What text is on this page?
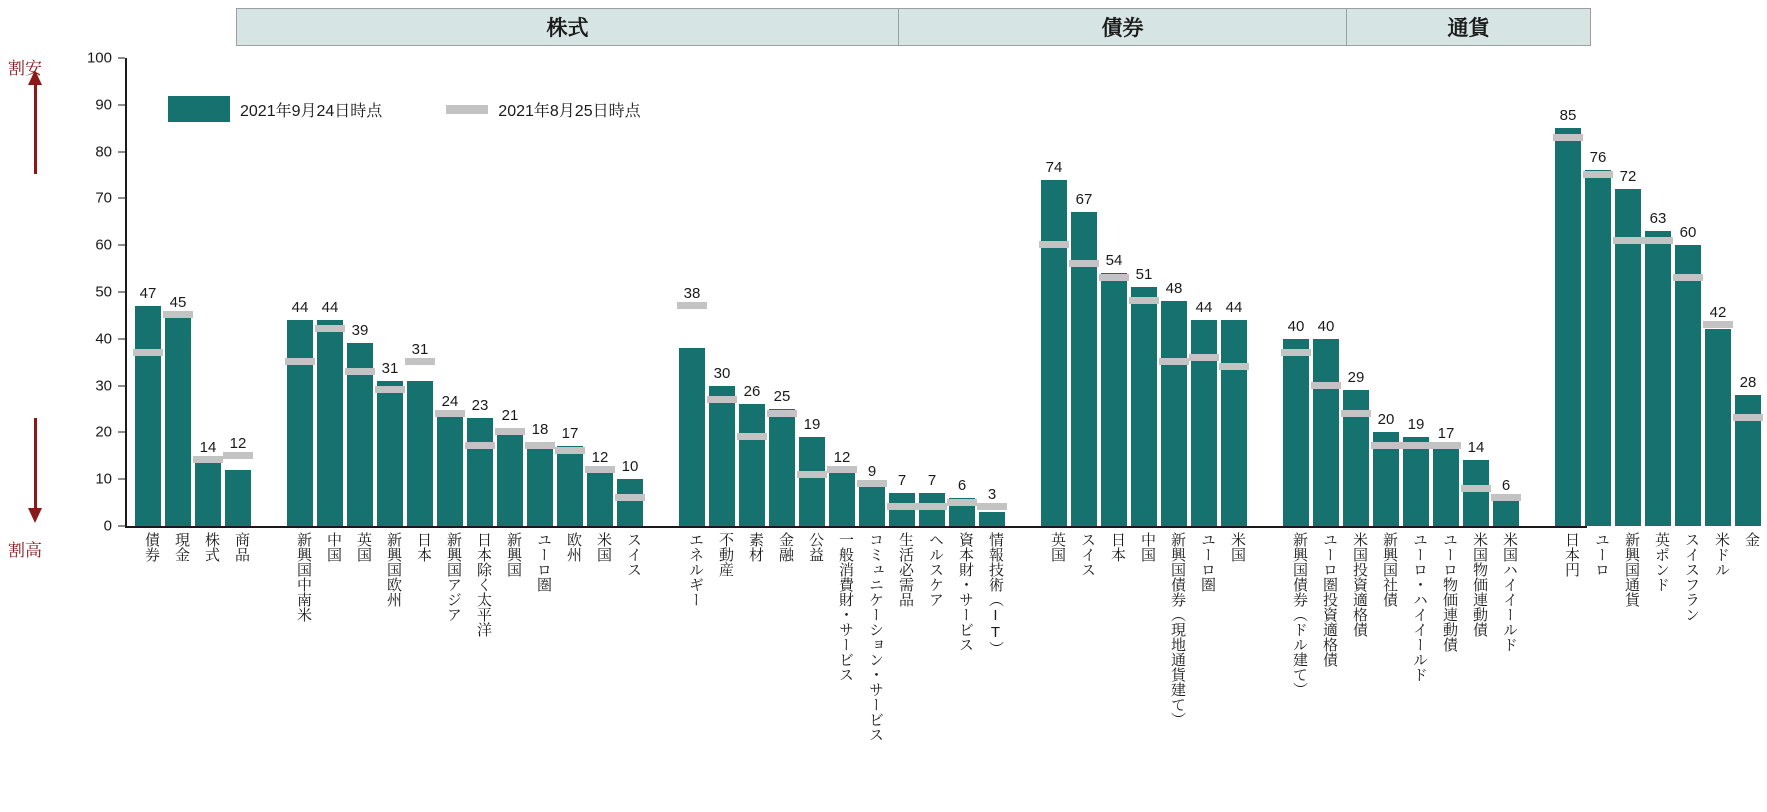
株式	債券	通貨
割安
割高
100
90
80
70
60
50
40
30
20
10
0
2021年9月24日時点	2021年8月25日時点
47
45
14 12
44 44
39
31
31
24 23
21
18 17
12
10
38
30
26 25
19
12
9
7	7	6
3
74
67
54
51
48
44 44
40 40
29
20 19
17
14
6
85
76
72
63
60
42
28
債券 現金 株式 商品	新興国中南米 中国 英国 新興国欧州 日本 新興国アジア 日本除く太平洋 新興国 ユーロ圏 欧州 米国 スイス	エネルギー 不動産 素材 金融 公益 一般消費財・サービス コミュニケーション・サービス 生活必需品 ヘルスケア 資本財・サービス 情報技術（IT）	英国 スイス 日本 中国 新興国債券（現地通貨建て） ユーロ圏 米国	新興国債券（ドル建て） ユーロ圏投資適格債 米国投資適格債 新興国社債 ユーロ・ハイイールド ユーロ物価連動債 米国物価連動債 米国ハイイールド	日本円 ユーロ 新興国通貨 英ポンド スイスフラン 米ドル 金
